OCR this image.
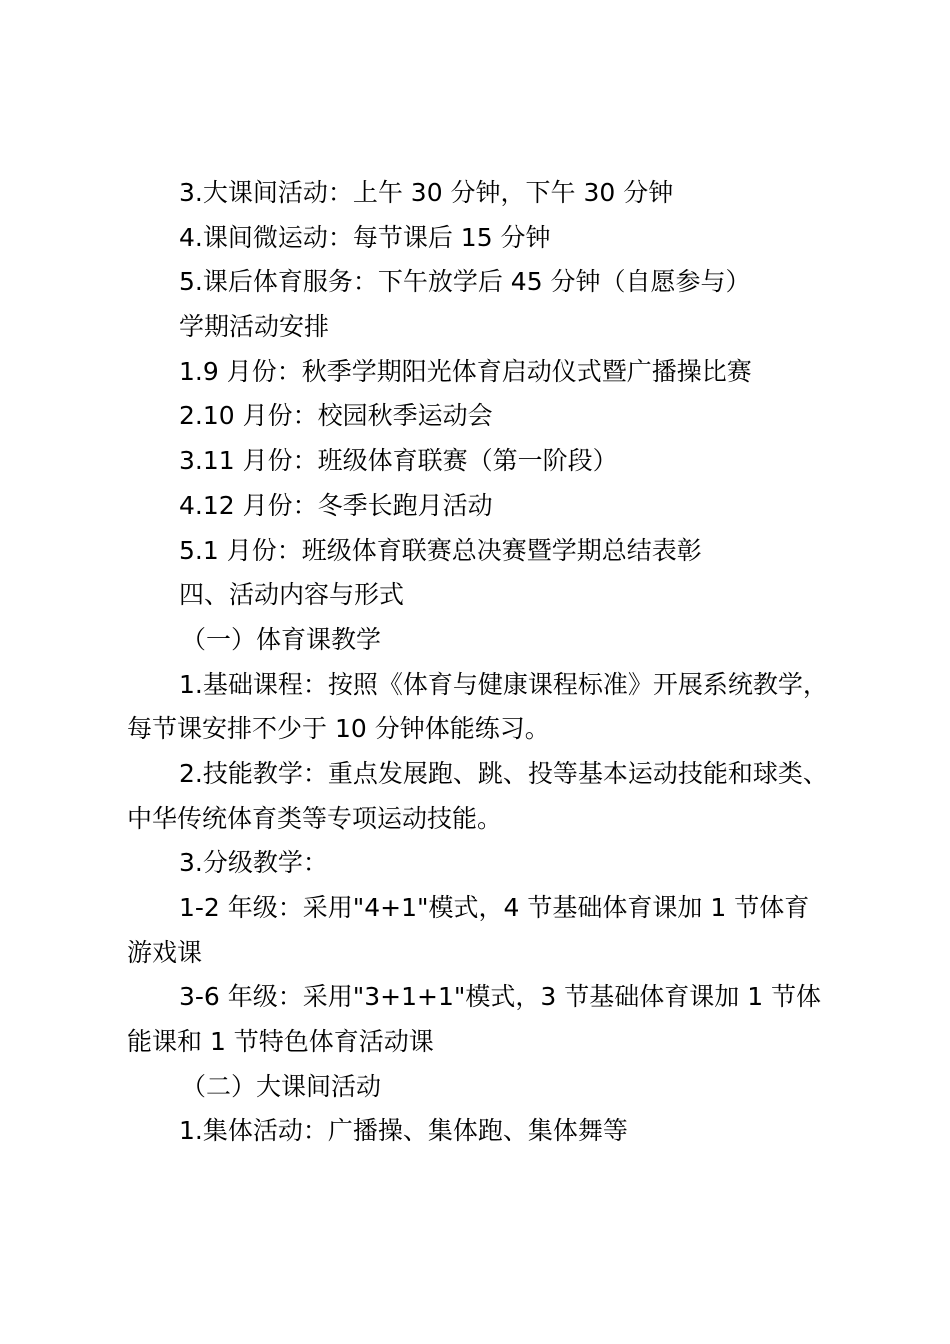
3.大课间活动：上午 30 分钟，下午 30 分钟

4.课间微运动：每节课后 15 分钟

5.课后体育服务：下午放学后 45 分钟（自愿参与）

学期活动安排

1.9 月份：秋季学期阳光体育启动仪式暨广播操比赛

2.10 月份：校园秋季运动会

3.11 月份：班级体育联赛（第一阶段）

4.12 月份：冬季长跑月活动

5.1 月份：班级体育联赛总决赛暨学期总结表彰

四、活动内容与形式

（一）体育课教学

1.基础课程：按照《体育与健康课程标准》开展系统教学，

每节课安排不少于 10 分钟体能练习。

2.技能教学：重点发展跑、跳、投等基本运动技能和球类、

中华传统体育类等专项运动技能。

3.分级教学：

1-2 年级：采用"4+1"模式，4 节基础体育课加 1 节体育

游戏课

3-6 年级：采用"3+1+1"模式，3 节基础体育课加 1 节体

能课和 1 节特色体育活动课

（二）大课间活动

1.集体活动：广播操、集体跑、集体舞等
